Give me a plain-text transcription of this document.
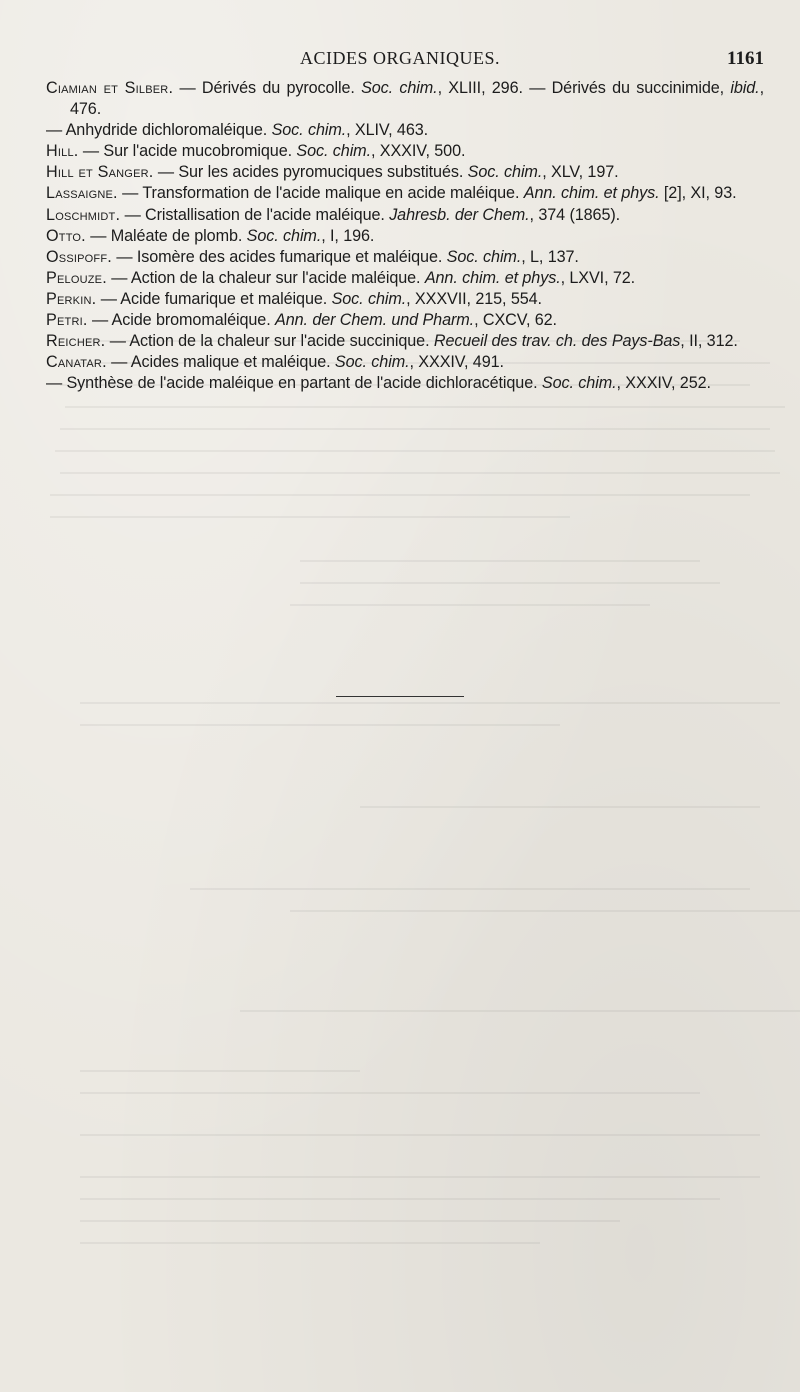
ACIDES ORGANIQUES.	1161

Ciamian et Silber. — Dérivés du pyrocolle. Soc. chim., XLIII, 296. — Dérivés du succinimide, ibid., 476.

— Anhydride dichloromaléique. Soc. chim., XLIV, 463.

Hill. — Sur l'acide mucobromique. Soc. chim., XXXIV, 500.

Hill et Sanger. — Sur les acides pyromuciques substitués. Soc. chim., XLV, 197.

Lassaigne. — Transformation de l'acide malique en acide maléique. Ann. chim. et phys. [2], XI, 93.

Loschmidt. — Cristallisation de l'acide maléique. Jahresb. der Chem., 374 (1865).

Otto. — Maléate de plomb. Soc. chim., I, 196.

Ossipoff. — Isomère des acides fumarique et maléique. Soc. chim., L, 137.

Pelouze. — Action de la chaleur sur l'acide maléique. Ann. chim. et phys., LXVI, 72.

Perkin. — Acide fumarique et maléique. Soc. chim., XXXVII, 215, 554.

Petri. — Acide bromomaléique. Ann. der Chem. und Pharm., CXCV, 62.

Reicher. — Action de la chaleur sur l'acide succinique. Recueil des trav. ch. des Pays-Bas, II, 312.

Canatar. — Acides malique et maléique. Soc. chim., XXXIV, 491.

— Synthèse de l'acide maléique en partant de l'acide dichloracétique. Soc. chim., XXXIV, 252.
